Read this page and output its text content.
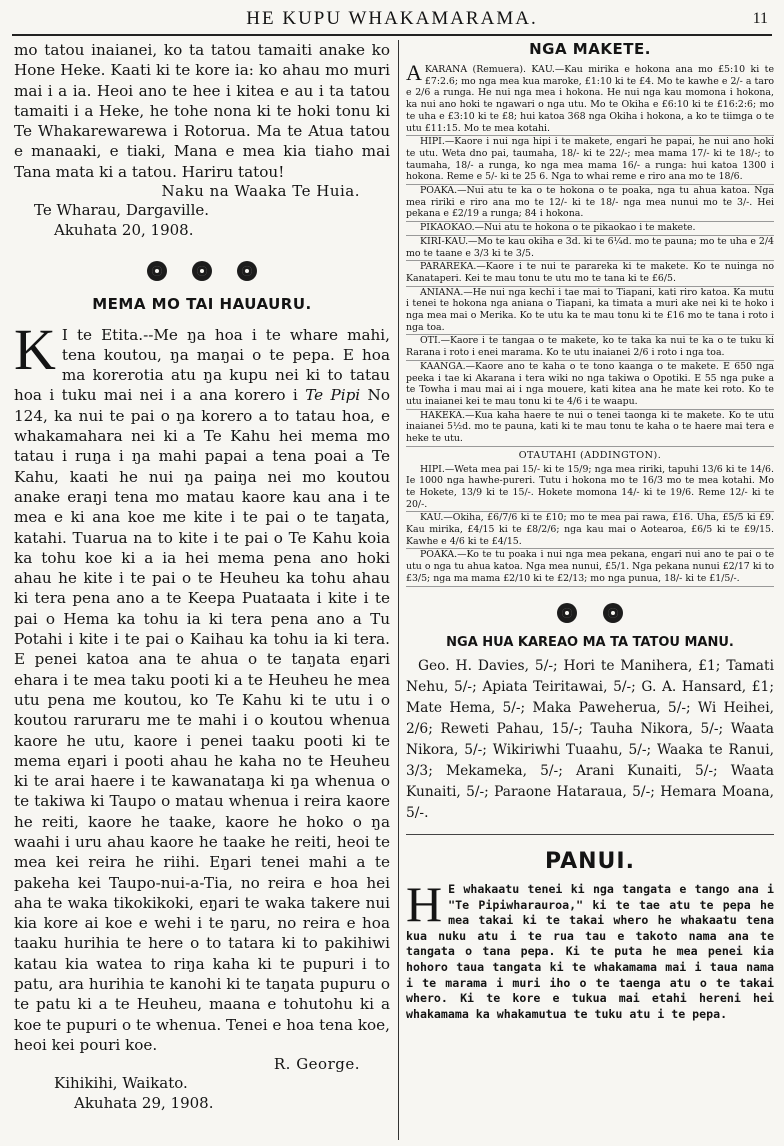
HE KUPU WHAKAMARAMA.	11

mo tatou inaianei, ko ta tatou tamaiti anake ko Hone Heke. Kaati ki te kore ia: ko ahau mo muri mai i a ia. Heoi ano te hee i kitea e au i ta tatou tamaiti i a Heke, he tohe nona ki te hoki tonu ki Te Whakarewarewa i Rotorua. Ma te Atua tatou e manaaki, e tiaki, Mana e mea kia tiaho mai Tana mata ki a tatou. Hariru tatou!

Naku na Waaka Te Huia.

Te Wharau, Dargaville.

Akuhata 20, 1908.

MEMA MO TAI HAUAURU.

K I te Etita.--Me ŋa hoa i te whare mahi, tena koutou, ŋa maŋai o te pepa. E hoa ma korerotia atu ŋa kupu nei ki to tatau hoa i tuku mai nei i a ana korero i Te Pipi No 124, ka nui te pai o ŋa korero a to tatau hoa, e whakamahara nei ki a Te Kahu hei mema mo tatau i ruŋa i ŋa mahi papai a tena poai a Te Kahu, kaati he nui ŋa paiŋa nei mo koutou anake eraŋi tena mo matau kaore kau ana i te mea e ki ana koe me kite i te pai o te taŋata, katahi. Tuarua na to kite i te pai o Te Kahu koia ka tohu koe ki a ia hei mema pena ano hoki ahau he kite i te pai o te Heuheu ka tohu ahau ki tera pena ano a te Keepa Puataata i kite i te pai o Hema ka tohu ia ki tera pena ano a Tu Potahi i kite i te pai o Kaihau ka tohu ia ki tera. E penei katoa ana te ahua o te taŋata eŋari ehara i te mea taku pooti ki a te Heuheu he mea utu pena me koutou, ko Te Kahu ki te utu i o koutou raruraru me te mahi i o koutou whenua kaore he utu, kaore i penei taaku pooti ki te mema eŋari i pooti ahau he kaha no te Heuheu ki te arai haere i te kawanataŋa ki ŋa whenua o te takiwa ki Taupo o matau whenua i reira kaore he reiti, kaore he taake, kaore he hoko o ŋa waahi i uru ahau kaore he taake he reiti, heoi te mea kei reira he riihi. Eŋari tenei mahi a te pakeha kei Taupo-nui-a-Tia, no reira e hoa hei aha te waka tikokikoki, eŋari te waka takere nui kia kore ai koe e wehi i te ŋaru, no reira e hoa taaku hurihia te here o to tatara ki to pakihiwi katau kia watea to riŋa kaha ki te pupuri i to patu, ara hurihia te kanohi ki te taŋata pupuru o te patu ki a te Heuheu, maana e tohutohu ki a koe te pupuri o te whenua. Tenei e hoa tena koe, heoi kei pouri koe.

R. George.

Kihikihi, Waikato.

Akuhata 29, 1908.

NGA MAKETE.

AKARANA (Remuera). KAU.—Kau mirika e hokona ana mo £5:10 ki te £7:2.6; mo nga mea kua maroke, £1:10 ki te £4. Mo te kawhe e 2/- a taro e 2/6 a runga. He nui nga mea i hokona. He nui nga kau momona i hokona, ka nui ano hoki te ngawari o nga utu. Mo te Okiha e £6:10 ki te £16:2:6; mo te uha e £3:10 ki te £8; hui katoa 368 nga Okiha i hokona, a ko te tiimga o te utu £11:15. Mo te mea kotahi.

HIPI.—Kaore i nui nga hipi i te makete, engari he papai, he nui ano hoki te utu. Weta dno pai, taumaha, 18/- ki te 22/-; mea mama 17/- ki te 18/-; to taumaha, 18/- a runga, ko nga mea mama 16/- a runga: hui katoa 1300 i hokona. Reme e 5/- ki te 25 6. Nga to whai reme e riro ana mo te 18/6.

POAKA.—Nui atu te ka o te hokona o te poaka, nga tu ahua katoa. Nga mea ririki e riro ana mo te 12/- ki te 18/- nga mea nunui mo te 3/-. Hei pekana e £2/19 a runga; 84 i hokona.

PIKAOKAO.—Nui atu te hokona o te pikaokao i te makete.

KIRI-KAU.—Mo te kau okiha e 3d. ki te 6¼d. mo te pauna; mo te uha e 2/4 mo te taane e 3/3 ki te 3/5.

PARAREKA.—Kaore i te nui te parareka ki te makete. Ko te nuinga no Kanataperi. Kei te mau tonu te utu mo te tana ki te £6/5.

ANIANA.—He nui nga kechi i tae mai to Tiapani, kati riro katoa. Ka mutu i tenei te hokona nga aniana o Tiapani, ka timata a muri ake nei ki te hoko i nga mea mai o Merika. Ko te utu ka te mau tonu ki te £16 mo te tana i roto i nga toa.

OTI.—Kaore i te tangaa o te makete, ko te taka ka nui te ka o te tuku ki Rarana i roto i enei marama. Ko te utu inaianei 2/6 i roto i nga toa.

KAANGA.—Kaore ano te kaha o te tono kaanga o te makete. E 650 nga peeka i tae ki Akarana i tera wiki no nga takiwa o Opotiki. E 55 nga puke a te Towha i mau mai ai i nga mouere, kati kitea ana he mate kei roto. Ko te utu inaianei kei te mau tonu ki te 4/6 i te waapu.

HAKEKA.—Kua kaha haere te nui o tenei taonga ki te makete. Ko te utu inaianei 5½d. mo te pauna, kati ki te mau tonu te kaha o te haere mai tera e heke te utu.

OTAUTAHI (ADDINGTON).

HIPI.—Weta mea pai 15/- ki te 15/9; nga mea ririki, tapuhi 13/6 ki te 14/6. Ie 1000 nga hawhe-pureri. Tutu i hokona mo te 16/3 mo te mea kotahi. Mo te Hokete, 13/9 ki te 15/-. Hokete momona 14/- ki te 19/6. Reme 12/- ki te 20/-.

KAU.—Okiha, £6/7/6 ki te £10; mo te mea pai rawa, £16. Uha, £5/5 ki £9. Kau mirika, £4/15 ki te £8/2/6; nga kau mai o Aotearoa, £6/5 ki te £9/15. Kawhe e 4/6 ki te £4/15.

POAKA.—Ko te tu poaka i nui nga mea pekana, engari nui ano te pai o te utu o nga tu ahua katoa. Nga mea nunui, £5/1. Nga pekana nunui £2/17 ki to £3/5; nga ma mama £2/10 ki te £2/13; mo nga punua, 18/- ki te £1/5/-.

NGA HUA KAREAO MA TA TATOU MANU.

Geo. H. Davies, 5/-; Hori te Manihera, £1; Tamati Nehu, 5/-; Apiata Teiritawai, 5/-; G. A. Hansard, £1; Mate Hema, 5/-; Maka Paweherua, 5/-; Wi Heihei, 2/6; Reweti Pahau, 15/-; Tauha Nikora, 5/-; Waata Nikora, 5/-; Wikiriwhi Tuaahu, 5/-; Waaka te Ranui, 3/3; Mekameka, 5/-; Arani Kunaiti, 5/-; Waata Kunaiti, 5/-; Paraone Hataraua, 5/-; Hemara Moana, 5/-.

PANUI.

H E whakaatu tenei ki nga tangata e tango ana i "Te Pipiwharauroa," ki te tae atu te pepa he mea takai ki te takai whero he whakaatu tena kua nuku atu i te rua tau e takoto nama ana te tangata o tana pepa. Ki te puta he mea penei kia hohoro taua tangata ki te whakamama mai i taua nama i te marama i muri iho o te taenga atu o te takai whero. Ki te kore e tukua mai etahi hereni hei whakamama ka whakamutua te tuku atu i te pepa.
